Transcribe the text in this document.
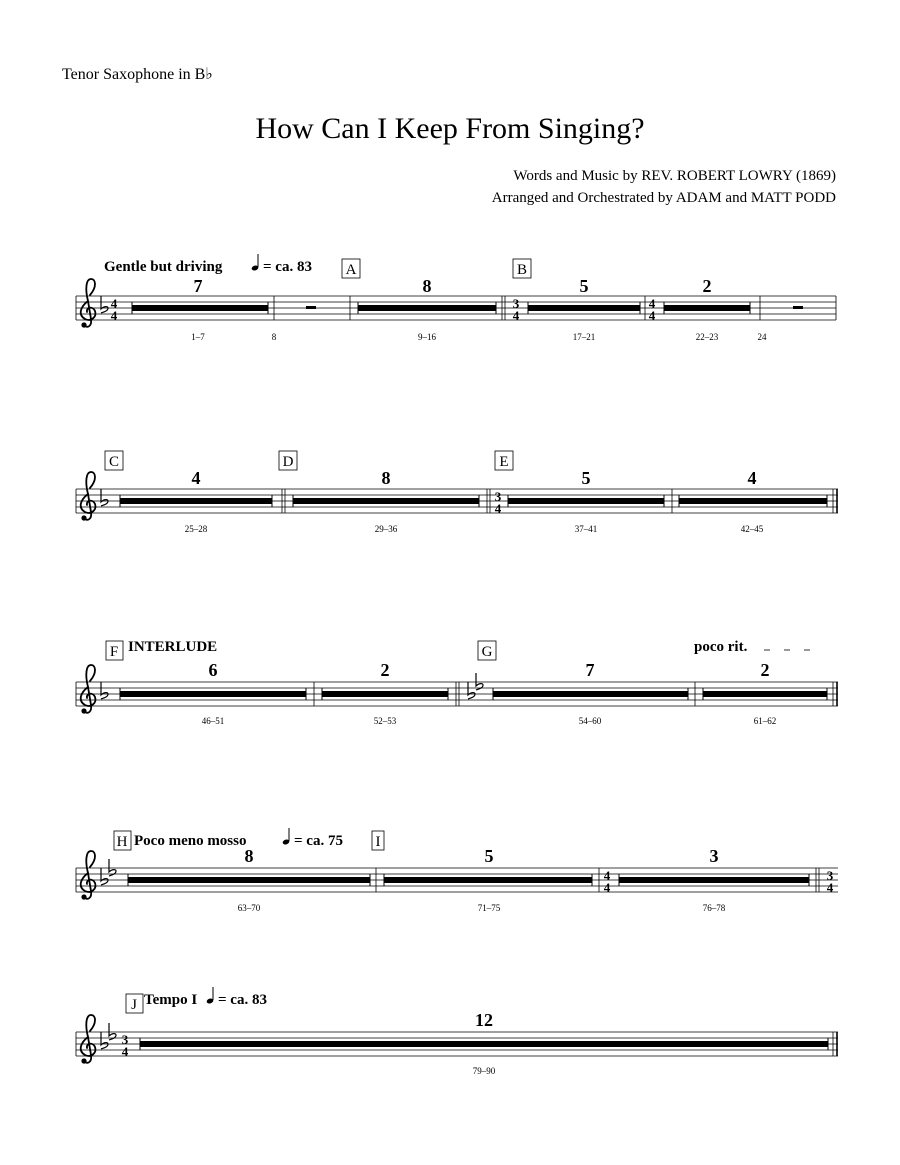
Tenor Saxophone in B♭
How Can I Keep From Singing?
Words and Music by REV. ROBERT LOWRY (1869)
Arranged and Orchestrated by ADAM and MATT PODD
4
4
Gentle but driving	= ca. 83
7
1–7	8
A
8
9–16
B
3
4
5
17–21
4
4
2
22–23	24
C
4
25–28
D
8
29–36
E
3
4
5
37–41
4
42–45
F INTERLUDE
6
46–51
2
52–53
G
7
54–60
poco rit.
2
61–62
H Poco meno mosso	= ca. 75
8
63–70
I
5
71–75
4
4
3
76–78
3
4
3
4
J Tempo I = ca. 83
12
79–90
